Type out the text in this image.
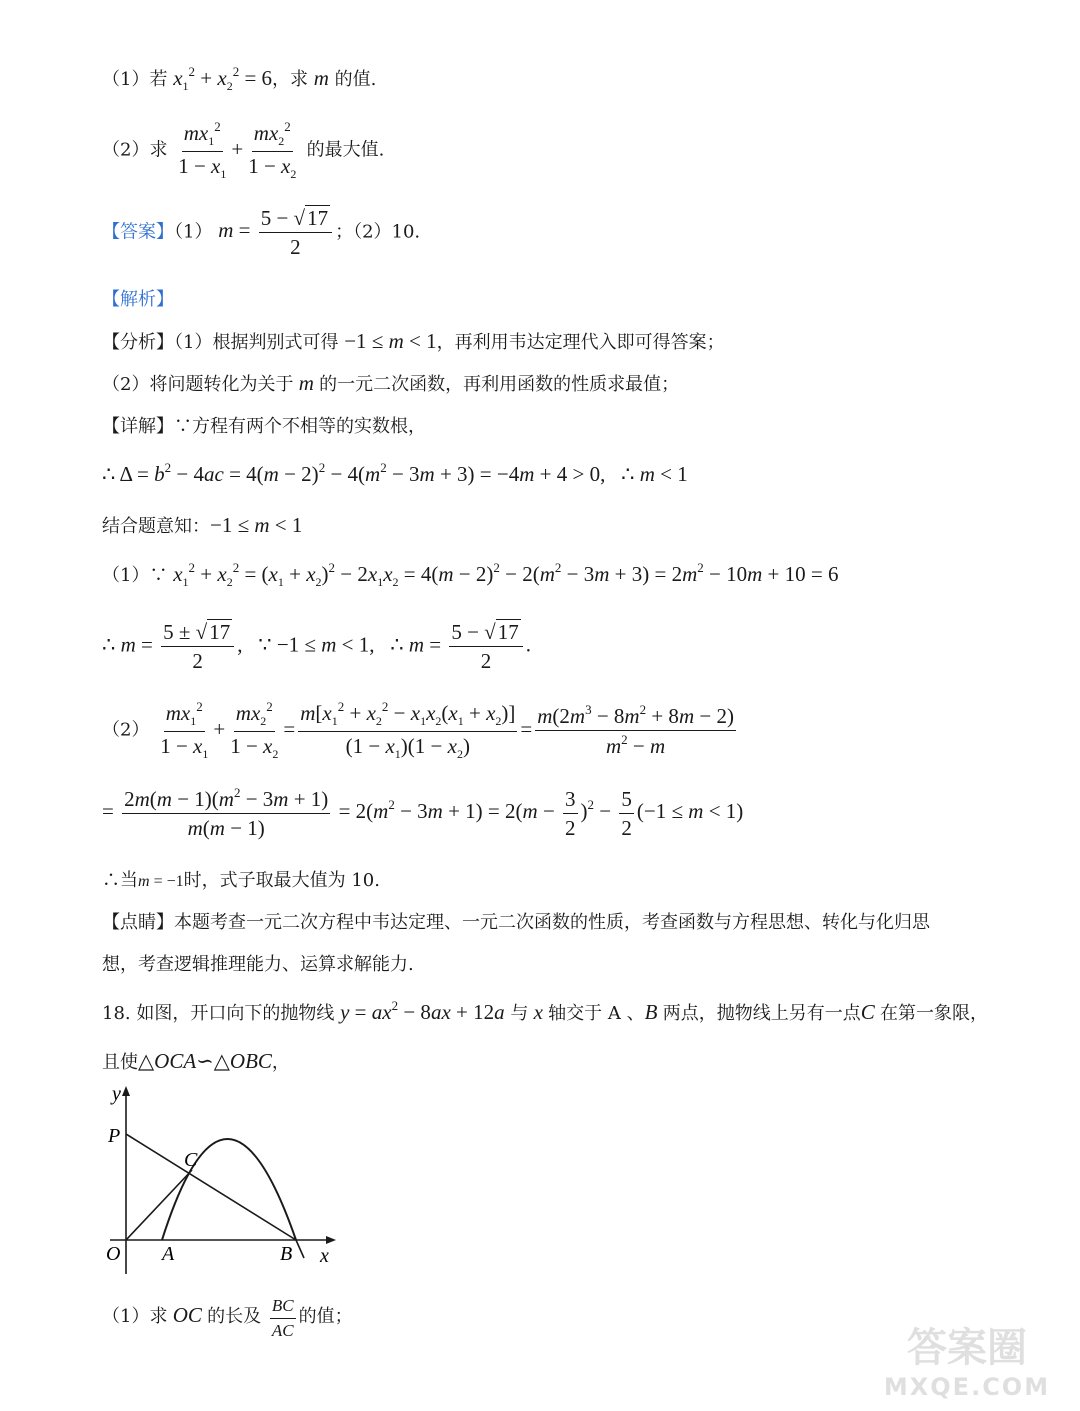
（1）若 $x_1^2 + x_2^2 = 6$，求 m 的值.
（2）求 $\frac{mx_1^2}{1 - x_1} + \frac{mx_2^2}{1 - x_2}$ 的最大值.
【答案】（1） $m = \frac{5 - √17}{2}$ ；（2）10.
【解析】
【分析】（1）根据判别式可得 −1 ≤ m < 1，再利用韦达定理代入即可得答案；
（2）将问题转化为关于 m 的一元二次函数，再利用函数的性质求最值；
【详解】∵方程有两个不相等的实数根，
∴ $\Delta = b^2 - 4ac = 4(m - 2)^2 - 4(m^2 - 3m + 3) = -4m + 4 > 0$,   ∴ m < 1
结合题意知：−1 ≤ m < 1
（1）∵ $x_1^2 + x_2^2 = (x_1 + x_2)^2 - 2x_1x_2 = 4(m - 2)^2 - 2(m^2 - 3m + 3) = 2m^2 - 10m + 10 = 6$
∴ $m = \frac{5 \pm √17}{2}$ ,   ∵ −1 ≤ m < 1,   ∴ $m = \frac{5 - √17}{2}$ .
$(2) \frac{mx_1^2}{1 - x_1} + \frac{mx_2^2}{1 - x_2} = \frac{m[x_1^2 + x_2^2 - x_1x_2(x_1 + x_2)]}{(1 - x_1)(1 - x_2)} = \frac{m(2m^3 - 8m^2 + 8m - 2)}{m^2 - m}$
= $\frac{2m(m - 1)(m^2 - 3m + 1)}{m(m - 1)} = 2(m^2 - 3m + 1) = 2(m - \frac{3}{2} )^2 - \frac{5}{2} (-1 \le m < 1)$
∴当m = −1时，式子取最大值为 10.
【点睛】本题考查一元二次方程中韦达定理、一元二次函数的性质，考查函数与方程思想、转化与化归思
想，考查逻辑推理能力、运算求解能力.
18. 如图，开口向下的抛物线 $y = ax^2 - 8ax + 12a$ 与 x 轴交于 A 、B 两点，抛物线上另有一点C 在第一象限，
且使△OCA∽△OBC，
y
P
C
O A	B x
（1）求 OC 的长及 $\frac{BC}{AC}$ 的值；
答案圈
MXQE.COM
